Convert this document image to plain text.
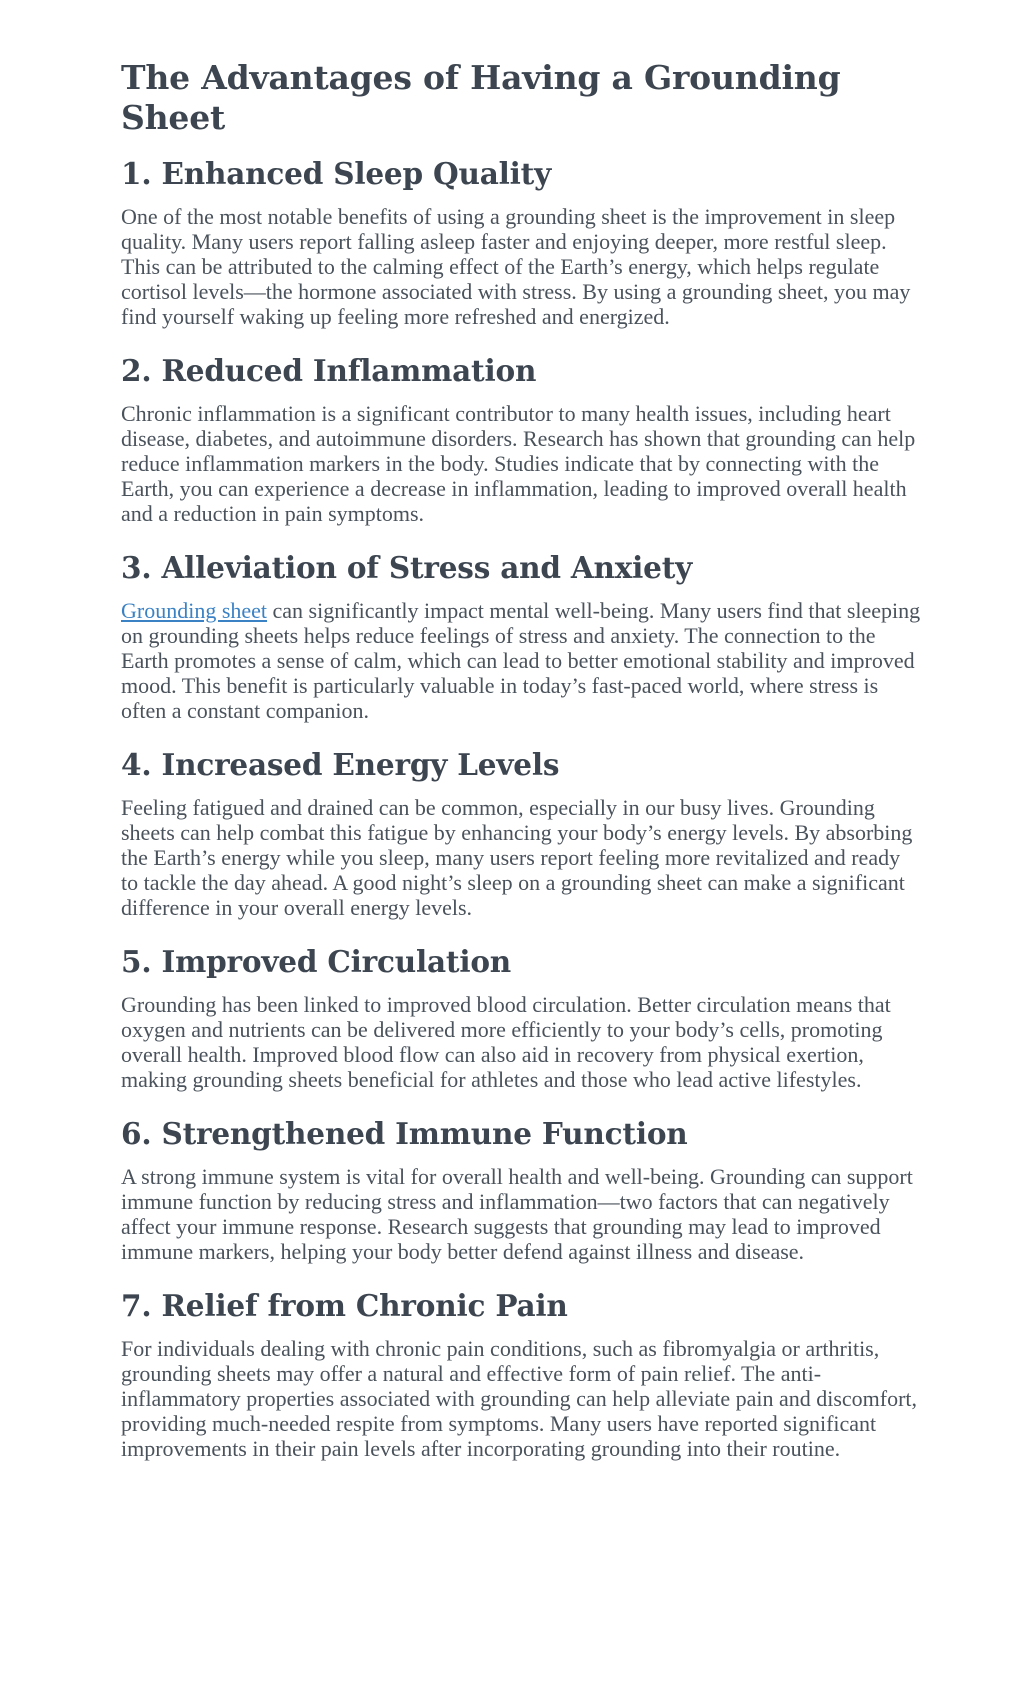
The Advantages of Having a Grounding Sheet
1. Enhanced Sleep Quality

One of the most notable benefits of using a grounding sheet is the improvement in sleep quality. Many users report falling asleep faster and enjoying deeper, more restful sleep. This can be attributed to the calming effect of the Earth’s energy, which helps regulate cortisol levels—the hormone associated with stress. By using a grounding sheet, you may find yourself waking up feeling more refreshed and energized.

2. Reduced Inflammation

Chronic inflammation is a significant contributor to many health issues, including heart disease, diabetes, and autoimmune disorders. Research has shown that grounding can help reduce inflammation markers in the body. Studies indicate that by connecting with the Earth, you can experience a decrease in inflammation, leading to improved overall health and a reduction in pain symptoms.

3. Alleviation of Stress and Anxiety

Grounding sheet can significantly impact mental well-being. Many users find that sleeping on grounding sheets helps reduce feelings of stress and anxiety. The connection to the Earth promotes a sense of calm, which can lead to better emotional stability and improved mood. This benefit is particularly valuable in today’s fast-paced world, where stress is often a constant companion.

4. Increased Energy Levels

Feeling fatigued and drained can be common, especially in our busy lives. Grounding sheets can help combat this fatigue by enhancing your body’s energy levels. By absorbing the Earth’s energy while you sleep, many users report feeling more revitalized and ready to tackle the day ahead. A good night’s sleep on a grounding sheet can make a significant difference in your overall energy levels.

5. Improved Circulation

Grounding has been linked to improved blood circulation. Better circulation means that oxygen and nutrients can be delivered more efficiently to your body’s cells, promoting overall health. Improved blood flow can also aid in recovery from physical exertion, making grounding sheets beneficial for athletes and those who lead active lifestyles.

6. Strengthened Immune Function

A strong immune system is vital for overall health and well-being. Grounding can support immune function by reducing stress and inflammation—two factors that can negatively affect your immune response. Research suggests that grounding may lead to improved immune markers, helping your body better defend against illness and disease.

7. Relief from Chronic Pain

For individuals dealing with chronic pain conditions, such as fibromyalgia or arthritis, grounding sheets may offer a natural and effective form of pain relief. The anti-inflammatory properties associated with grounding can help alleviate pain and discomfort, providing much-needed respite from symptoms. Many users have reported significant improvements in their pain levels after incorporating grounding into their routine.
